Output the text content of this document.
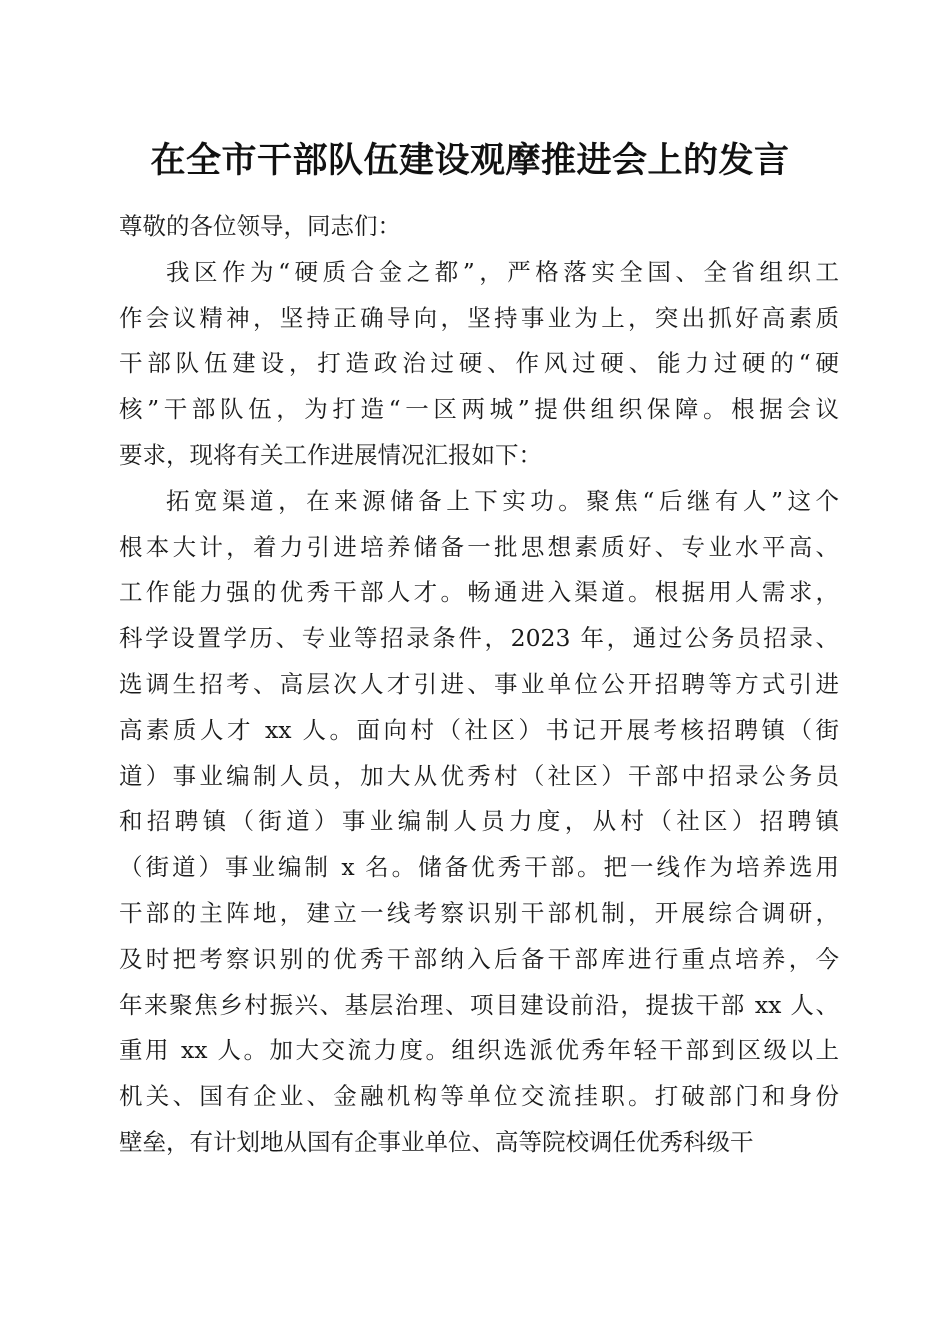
在全市干部队伍建设观摩推进会上的发言
尊敬的各位领导，同志们：
我区作为“硬质合金之都”，严格落实全国、全省组织工
作会议精神，坚持正确导向，坚持事业为上，突出抓好高素质
干部队伍建设，打造政治过硬、作风过硬、能力过硬的“硬
核”干部队伍，为打造“一区两城”提供组织保障。根据会议
要求，现将有关工作进展情况汇报如下：
拓宽渠道，在来源储备上下实功。聚焦“后继有人”这个
根本大计，着力引进培养储备一批思想素质好、专业水平高、
工作能力强的优秀干部人才。畅通进入渠道。根据用人需求，
科学设置学历、专业等招录条件，2023 年，通过公务员招录、
选调生招考、高层次人才引进、事业单位公开招聘等方式引进
高素质人才 xx 人。面向村（社区）书记开展考核招聘镇（街
道）事业编制人员，加大从优秀村（社区）干部中招录公务员
和招聘镇（街道）事业编制人员力度，从村（社区）招聘镇
（街道）事业编制 x 名。储备优秀干部。把一线作为培养选用
干部的主阵地，建立一线考察识别干部机制，开展综合调研，
及时把考察识别的优秀干部纳入后备干部库进行重点培养，今
年来聚焦乡村振兴、基层治理、项目建设前沿，提拔干部 xx 人、
重用 xx 人。加大交流力度。组织选派优秀年轻干部到区级以上
机关、国有企业、金融机构等单位交流挂职。打破部门和身份
壁垒，有计划地从国有企事业单位、高等院校调任优秀科级干
